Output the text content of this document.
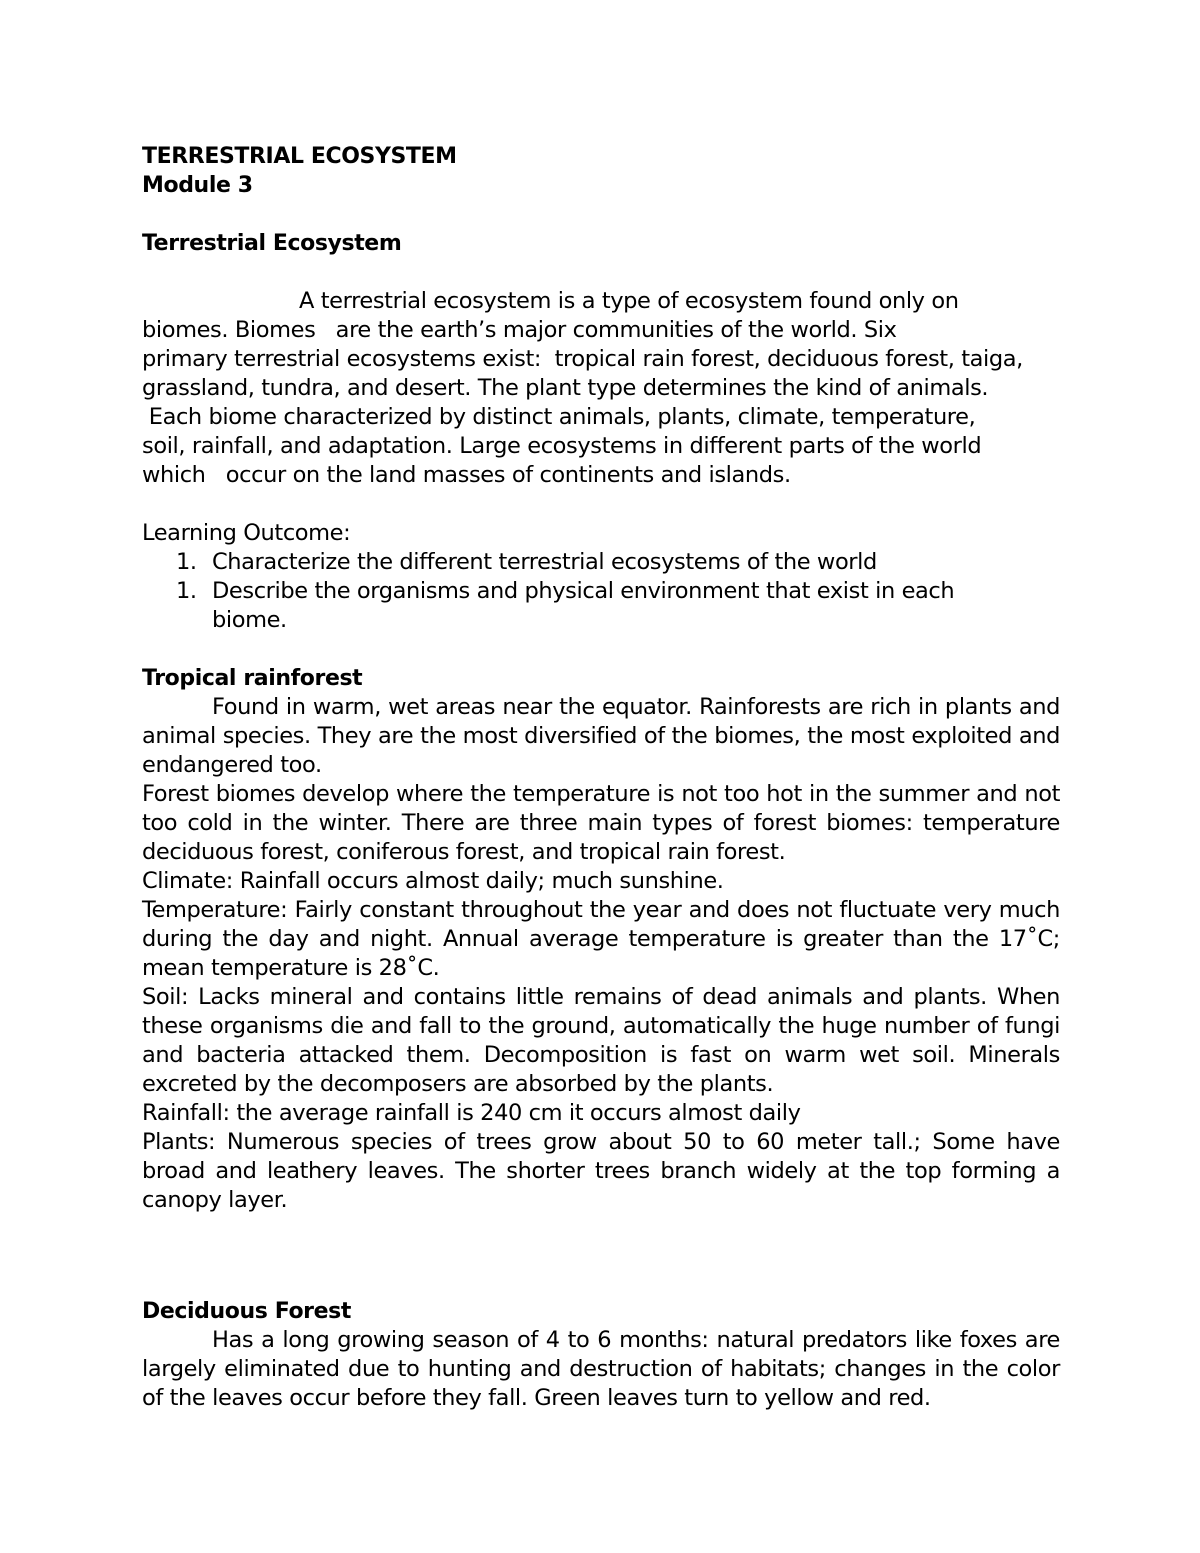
TERRESTRIAL ECOSYSTEM
Module 3
Terrestrial Ecosystem
A terrestrial ecosystem is a type of ecosystem found only on
biomes. Biomes   are the earth’s major communities of the world. Six
primary terrestrial ecosystems exist:  tropical rain forest, deciduous forest, taiga,
grassland, tundra, and desert. The plant type determines the kind of animals.
Each biome characterized by distinct animals, plants, climate, temperature,
soil, rainfall, and adaptation. Large ecosystems in different parts of the world
which   occur on the land masses of continents and islands.
Learning Outcome:
1. Characterize the different terrestrial ecosystems of the world
1. Describe the organisms and physical environment that exist in each biome.
Tropical rainforest

Found in warm, wet areas near the equator. Rainforests are rich in plants and animal species. They are the most diversified of the biomes, the most exploited and endangered too.

Forest biomes develop where the temperature is not too hot in the summer and not too cold in the winter. There are three main types of forest biomes: temperature deciduous forest, coniferous forest, and tropical rain forest.

Climate: Rainfall occurs almost daily; much sunshine.

Temperature: Fairly constant throughout the year and does not fluctuate very much during the day and night. Annual average temperature is greater than the 17˚C; mean temperature is 28˚C.

Soil: Lacks mineral and contains little remains of dead animals and plants. When these organisms die and fall to the ground, automatically the huge number of fungi and bacteria attacked them. Decomposition is fast on warm wet soil. Minerals excreted by the decomposers are absorbed by the plants.

Rainfall: the average rainfall is 240 cm it occurs almost daily

Plants: Numerous species of trees grow about 50 to 60 meter tall.; Some have broad and leathery leaves. The shorter trees branch widely at the top forming a canopy layer.

Deciduous Forest

Has a long growing season of 4 to 6 months: natural predators like foxes are largely eliminated due to hunting and destruction of habitats; changes in the color of the leaves occur before they fall. Green leaves turn to yellow and red.
